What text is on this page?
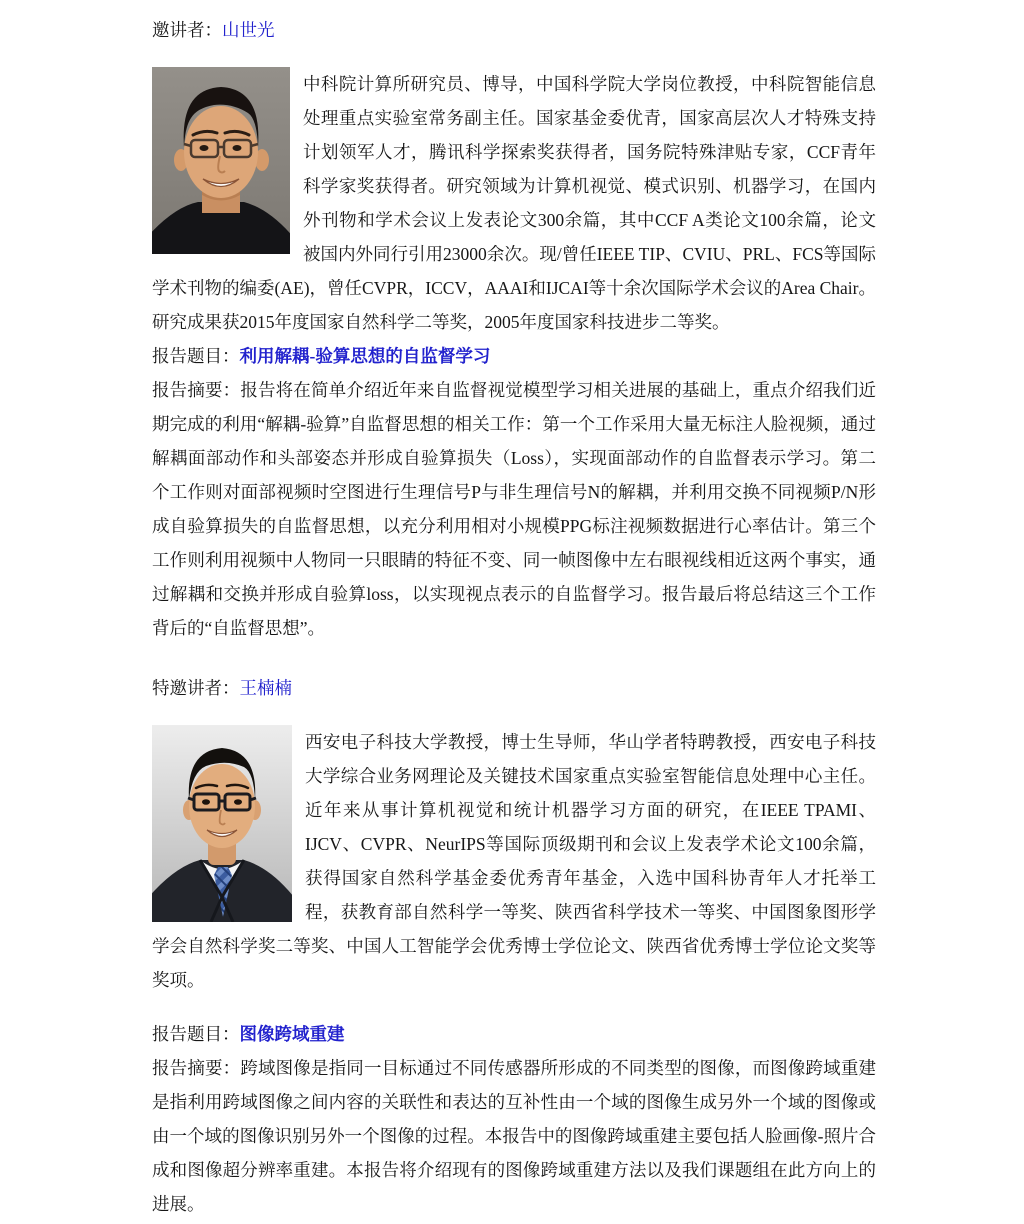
邀讲者：山世光

中科院计算所研究员、博导，中国科学院大学岗位教授，中科院智能信息处理重点实验室常务副主任。国家基金委优青，国家高层次人才特殊支持计划领军人才，腾讯科学探索奖获得者，国务院特殊津贴专家，CCF青年科学家奖获得者。研究领域为计算机视觉、模式识别、机器学习，在国内外刊物和学术会议上发表论文300余篇，其中CCF A类论文100余篇，论文被国内外同行引用23000余次。现/曾任IEEE TIP、CVIU、PRL、FCS等国际学术刊物的编委(AE)，曾任CVPR，ICCV，AAAI和IJCAI等十余次国际学术会议的Area Chair。研究成果获2015年度国家自然科学二等奖，2005年度国家科技进步二等奖。

报告题目：利用解耦-验算思想的自监督学习

报告摘要：报告将在简单介绍近年来自监督视觉模型学习相关进展的基础上，重点介绍我们近期完成的利用“解耦-验算”自监督思想的相关工作：第一个工作采用大量无标注人脸视频，通过解耦面部动作和头部姿态并形成自验算损失（Loss），实现面部动作的自监督表示学习。第二个工作则对面部视频时空图进行生理信号P与非生理信号N的解耦，并利用交换不同视频P/N形成自验算损失的自监督思想，以充分利用相对小规模PPG标注视频数据进行心率估计。第三个工作则利用视频中人物同一只眼睛的特征不变、同一帧图像中左右眼视线相近这两个事实，通过解耦和交换并形成自验算loss，以实现视点表示的自监督学习。报告最后将总结这三个工作背后的“自监督思想”。

特邀讲者：王楠楠

西安电子科技大学教授，博士生导师，华山学者特聘教授，西安电子科技大学综合业务网理论及关键技术国家重点实验室智能信息处理中心主任。近年来从事计算机视觉和统计机器学习方面的研究，在IEEE TPAMI、IJCV、CVPR、NeurIPS等国际顶级期刊和会议上发表学术论文100余篇，获得国家自然科学基金委优秀青年基金，入选中国科协青年人才托举工程，获教育部自然科学一等奖、陕西省科学技术一等奖、中国图象图形学学会自然科学奖二等奖、中国人工智能学会优秀博士学位论文、陕西省优秀博士学位论文奖等奖项。

报告题目：图像跨域重建

报告摘要：跨域图像是指同一目标通过不同传感器所形成的不同类型的图像，而图像跨域重建是指利用跨域图像之间内容的关联性和表达的互补性由一个域的图像生成另外一个域的图像或由一个域的图像识别另外一个图像的过程。本报告中的图像跨域重建主要包括人脸画像-照片合成和图像超分辨率重建。本报告将介绍现有的图像跨域重建方法以及我们课题组在此方向上的进展。
